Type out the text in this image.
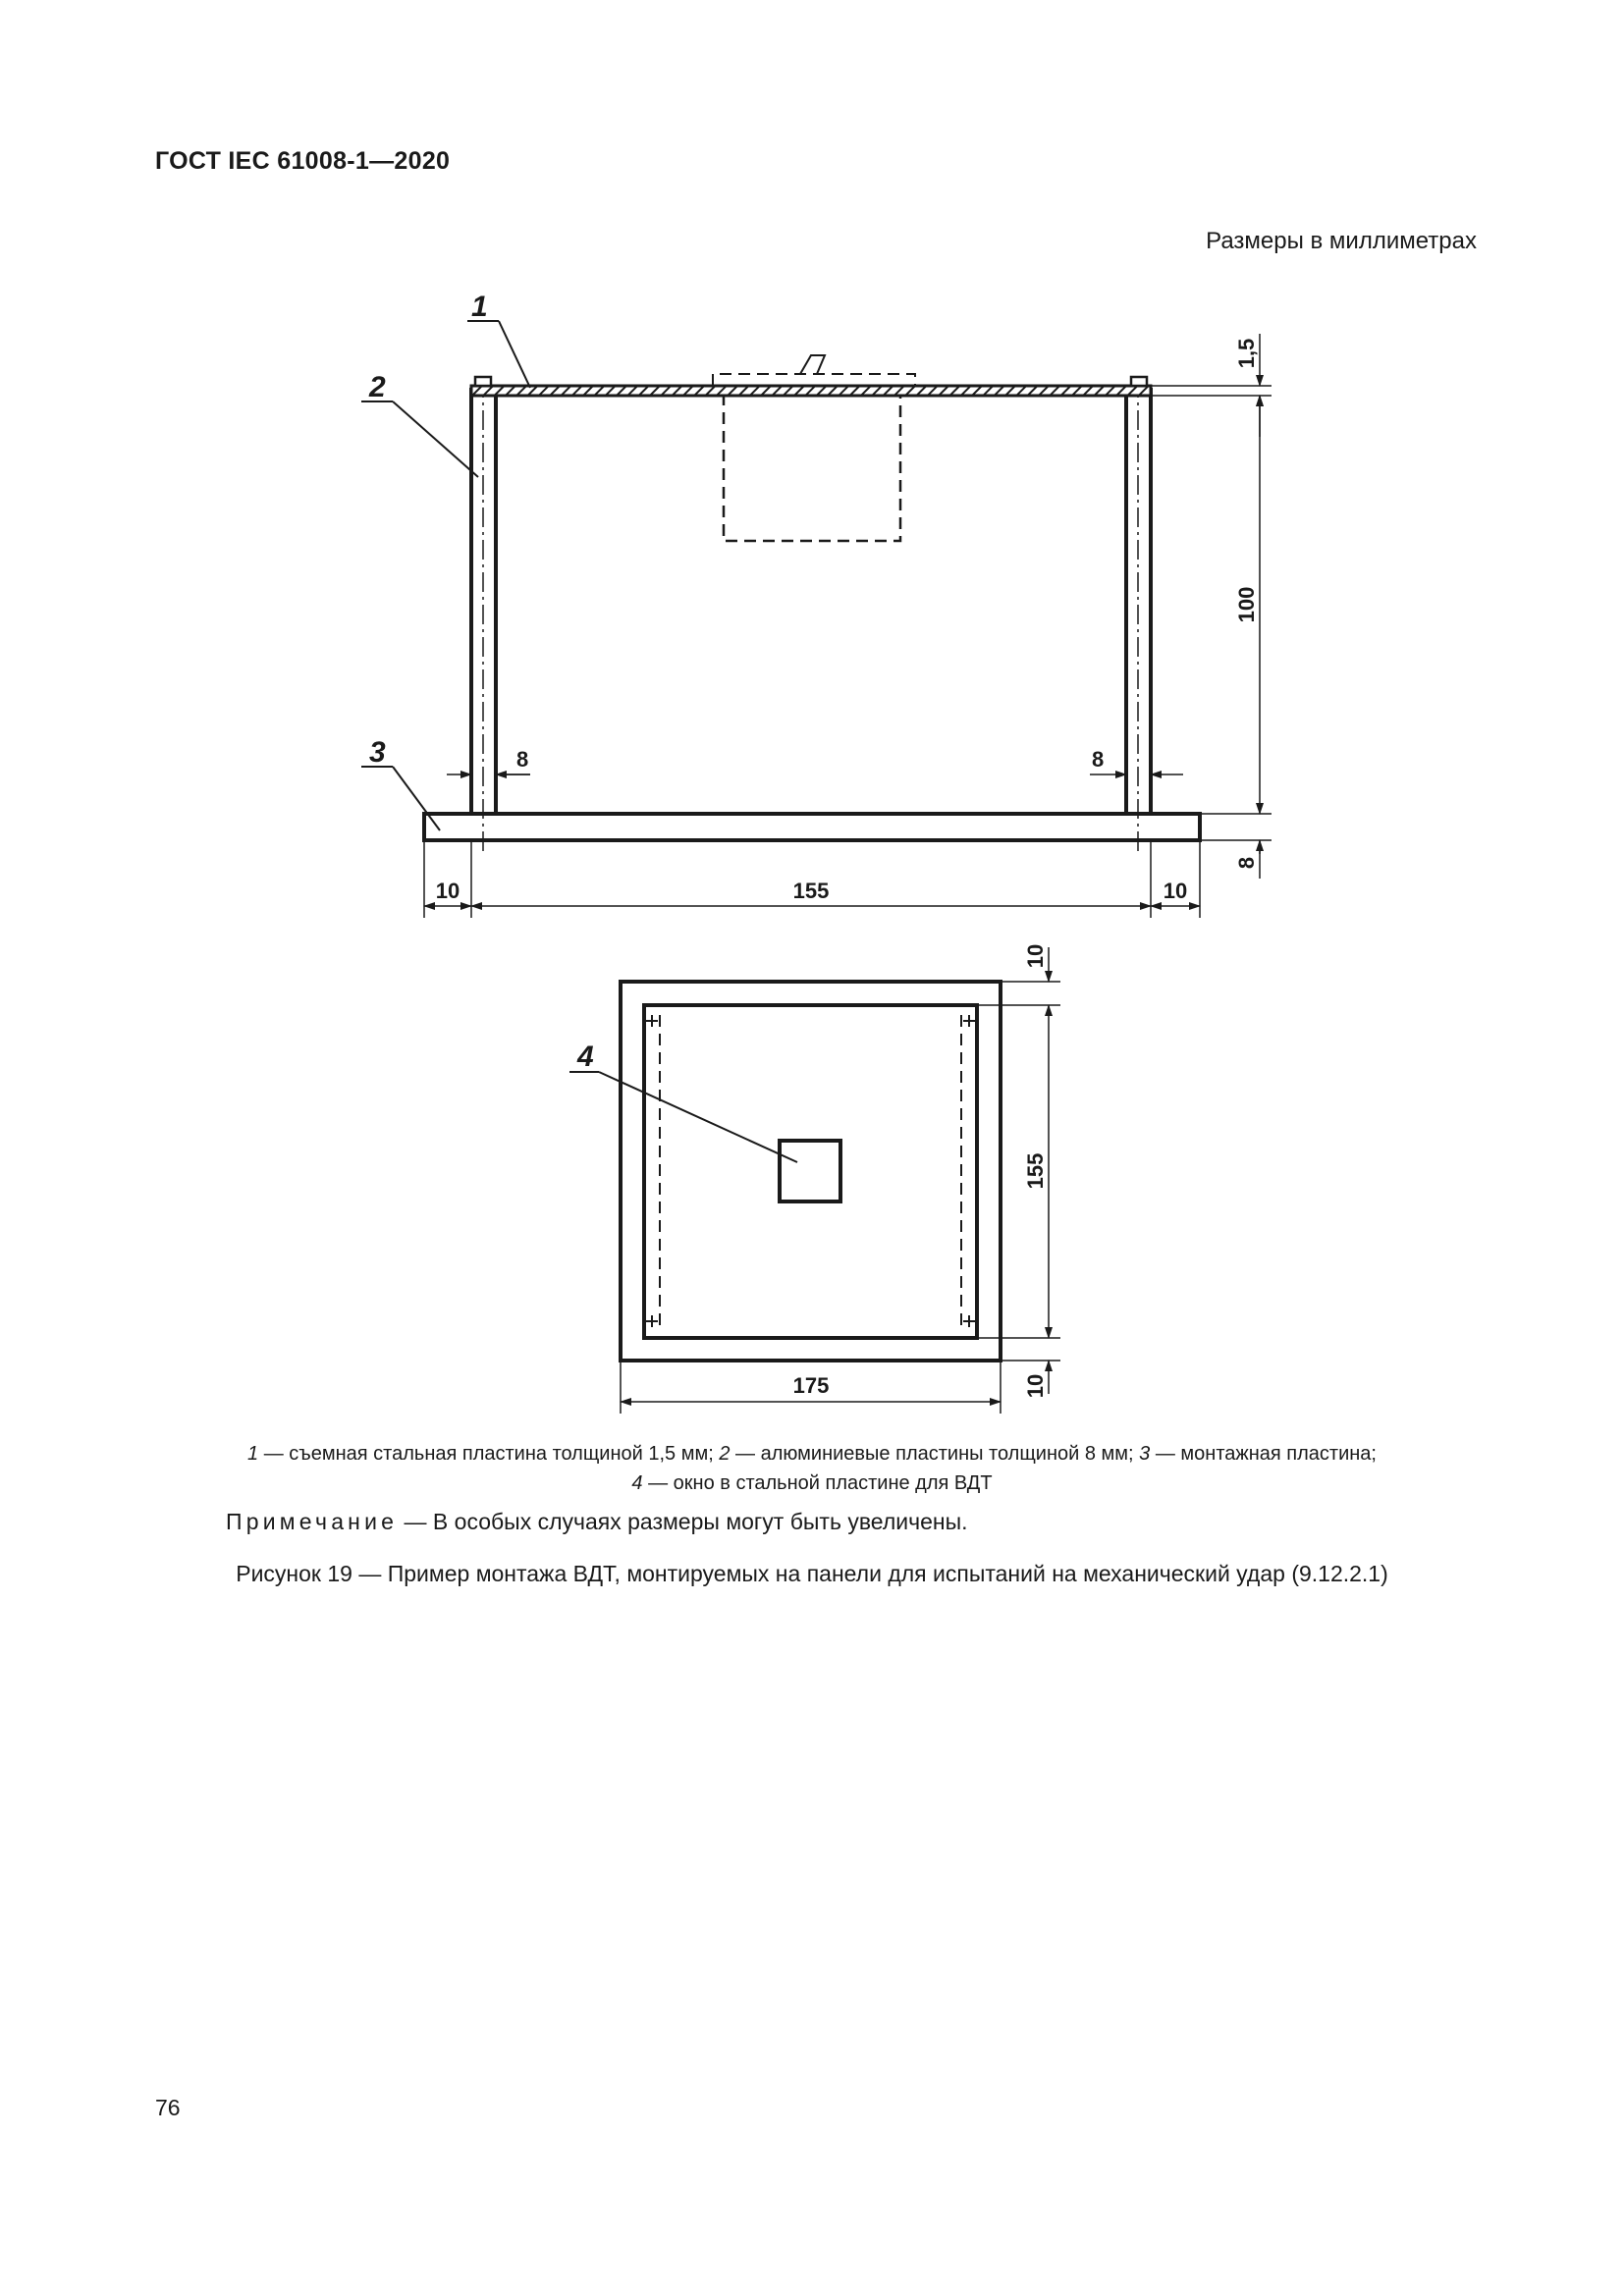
ГОСТ IEC 61008-1—2020
Размеры в миллиметрах
1
2
3
1,5
100
8
8	8
10	155	10
4
10
155
10
175
1 — съемная стальная пластина толщиной 1,5 мм; 2 — алюминиевые пластины толщиной 8 мм; 3 — монтажная пластина;
4 — окно в стальной пластине для ВДТ
Примечание — В особых случаях размеры могут быть увеличены.
Рисунок 19 — Пример монтажа ВДТ, монтируемых на панели для испытаний на механический удар (9.12.2.1)
76
